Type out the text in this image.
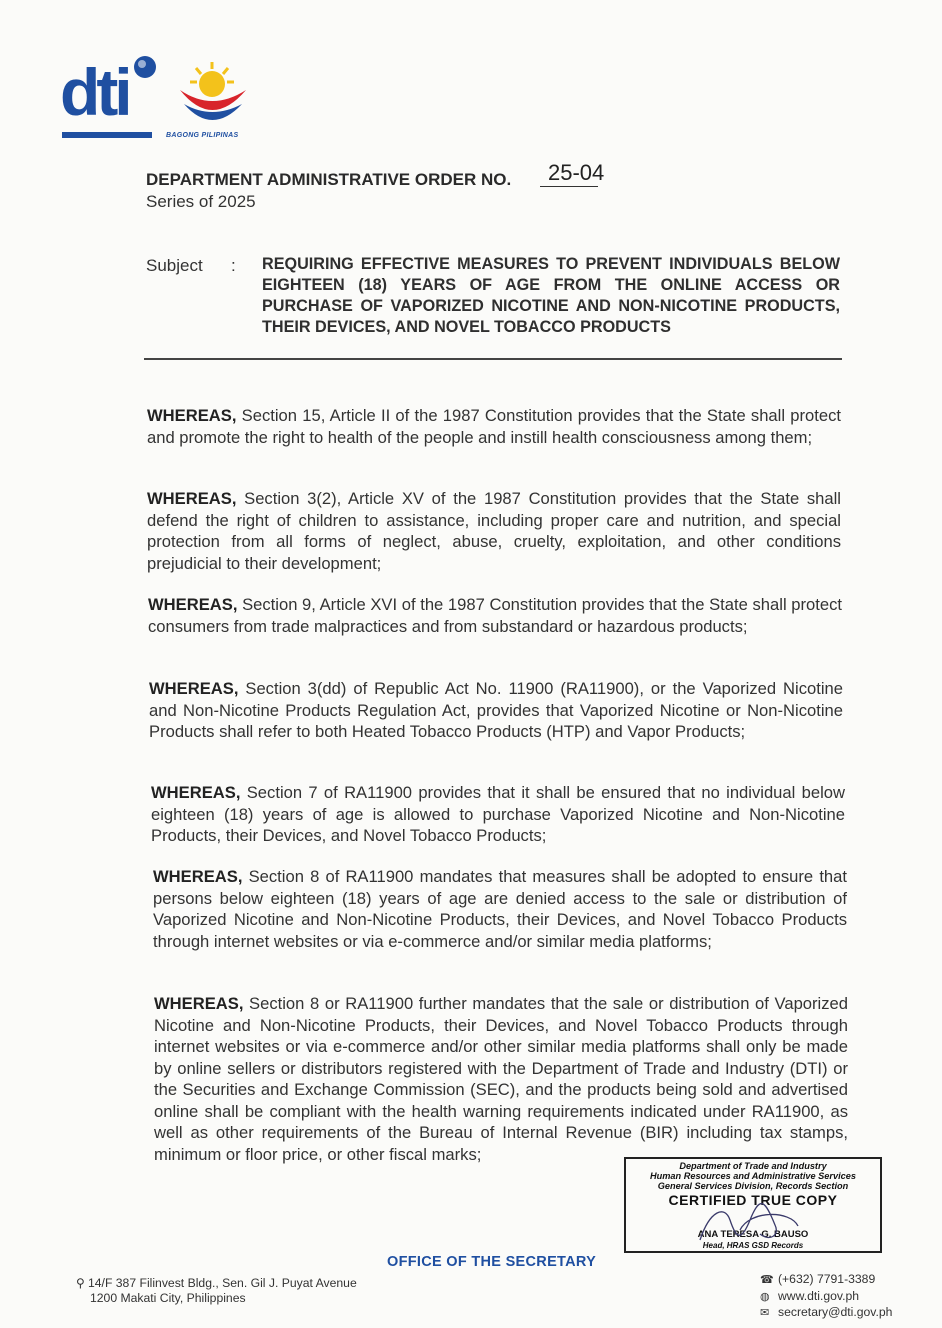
dti
BAGONG PILIPINAS
DEPARTMENT ADMINISTRATIVE ORDER NO. 25-04
Series of 2025
Subject : REQUIRING EFFECTIVE MEASURES TO PREVENT INDIVIDUALS BELOW EIGHTEEN (18) YEARS OF AGE FROM THE ONLINE ACCESS OR PURCHASE OF VAPORIZED NICOTINE AND NON-NICOTINE PRODUCTS, THEIR DEVICES, AND NOVEL TOBACCO PRODUCTS
WHEREAS, Section 15, Article II of the 1987 Constitution provides that the State shall protect and promote the right to health of the people and instill health consciousness among them;
WHEREAS, Section 3(2), Article XV of the 1987 Constitution provides that the State shall defend the right of children to assistance, including proper care and nutrition, and special protection from all forms of neglect, abuse, cruelty, exploitation, and other conditions prejudicial to their development;
WHEREAS, Section 9, Article XVI of the 1987 Constitution provides that the State shall protect consumers from trade malpractices and from substandard or hazardous products;
WHEREAS, Section 3(dd) of Republic Act No. 11900 (RA11900), or the Vaporized Nicotine and Non-Nicotine Products Regulation Act, provides that Vaporized Nicotine or Non-Nicotine Products shall refer to both Heated Tobacco Products (HTP) and Vapor Products;
WHEREAS, Section 7 of RA11900 provides that it shall be ensured that no individual below eighteen (18) years of age is allowed to purchase Vaporized Nicotine and Non-Nicotine Products, their Devices, and Novel Tobacco Products;
WHEREAS, Section 8 of RA11900 mandates that measures shall be adopted to ensure that persons below eighteen (18) years of age are denied access to the sale or distribution of Vaporized Nicotine and Non-Nicotine Products, their Devices, and Novel Tobacco Products through internet websites or via e-commerce and/or similar media platforms;
WHEREAS, Section 8 or RA11900 further mandates that the sale or distribution of Vaporized Nicotine and Non-Nicotine Products, their Devices, and Novel Tobacco Products through internet websites or via e-commerce and/or other similar media platforms shall only be made by online sellers or distributors registered with the Department of Trade and Industry (DTI) or the Securities and Exchange Commission (SEC), and the products being sold and advertised online shall be compliant with the health warning requirements indicated under RA11900, as well as other requirements of the Bureau of Internal Revenue (BIR) including tax stamps, minimum or floor price, or other fiscal marks;
Department of Trade and Industry
Human Resources and Administrative Services
General Services Division, Records Section
CERTIFIED TRUE COPY
ANA TERESA G. BAUSO
Head, HRAS GSD Records
OFFICE OF THE SECRETARY
⚲ 14/F 387 Filinvest Bldg., Sen. Gil J. Puyat Avenue
1200 Makati City, Philippines
☎ (+632) 7791-3389
◍ www.dti.gov.ph
✉ secretary@dti.gov.ph
